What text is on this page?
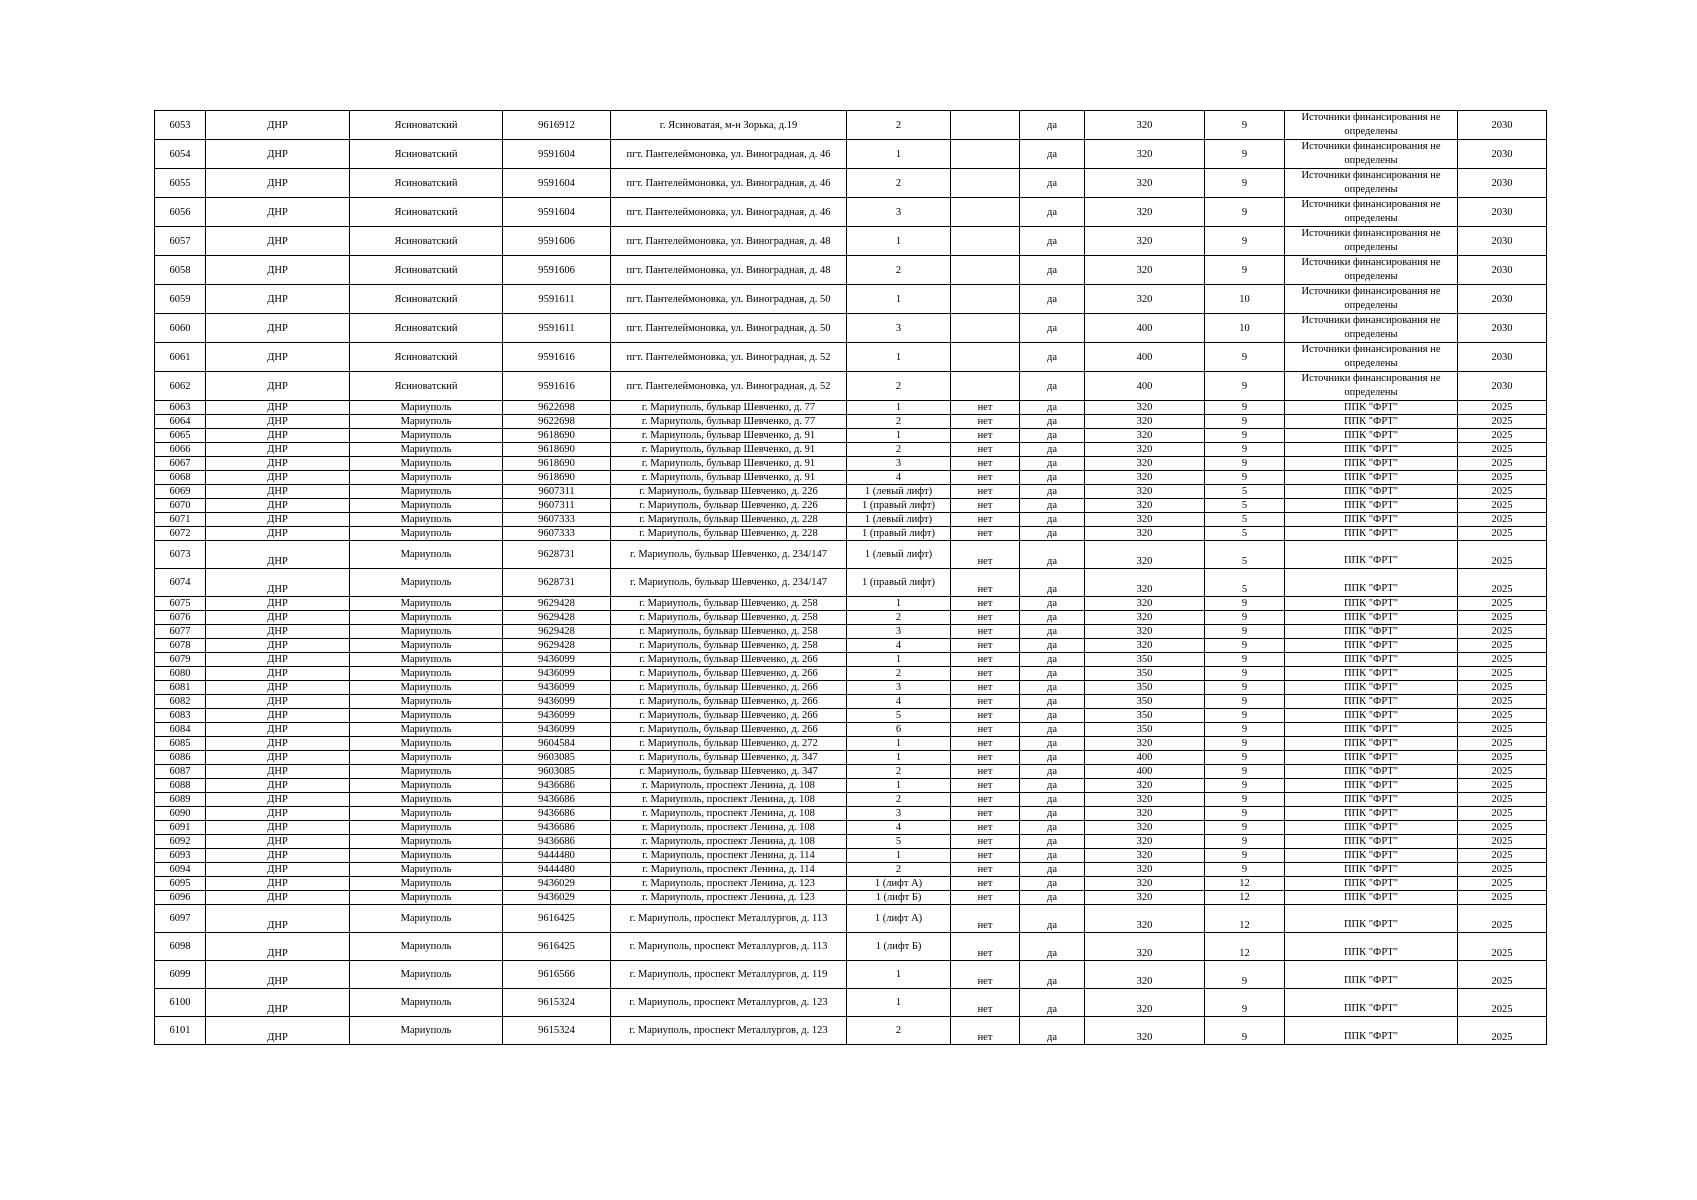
6053	ДНР	Ясиноватский	9616912	г. Ясиноватая, м-н Зорька, д.19	2		да	320	9	Источники финансирования не определены	2030
6054	ДНР	Ясиноватский	9591604	пгт. Пантелеймоновка, ул. Виноградная, д. 46	1		да	320	9	Источники финансирования не определены	2030
6055	ДНР	Ясиноватский	9591604	пгт. Пантелеймоновка, ул. Виноградная, д. 46	2		да	320	9	Источники финансирования не определены	2030
6056	ДНР	Ясиноватский	9591604	пгт. Пантелеймоновка, ул. Виноградная, д. 46	3		да	320	9	Источники финансирования не определены	2030
6057	ДНР	Ясиноватский	9591606	пгт. Пантелеймоновка, ул. Виноградная, д. 48	1		да	320	9	Источники финансирования не определены	2030
6058	ДНР	Ясиноватский	9591606	пгт. Пантелеймоновка, ул. Виноградная, д. 48	2		да	320	9	Источники финансирования не определены	2030
6059	ДНР	Ясиноватский	9591611	пгт. Пантелеймоновка, ул. Виноградная, д. 50	1		да	320	10	Источники финансирования не определены	2030
6060	ДНР	Ясиноватский	9591611	пгт. Пантелеймоновка, ул. Виноградная, д. 50	3		да	400	10	Источники финансирования не определены	2030
6061	ДНР	Ясиноватский	9591616	пгт. Пантелеймоновка, ул. Виноградная, д. 52	1		да	400	9	Источники финансирования не определены	2030
6062	ДНР	Ясиноватский	9591616	пгт. Пантелеймоновка, ул. Виноградная, д. 52	2		да	400	9	Источники финансирования не определены	2030
6063	ДНР	Мариуполь	9622698	г. Мариуполь, бульвар Шевченко, д. 77	1	нет	да	320	9	ППК "ФРТ"	2025
6064	ДНР	Мариуполь	9622698	г. Мариуполь, бульвар Шевченко, д. 77	2	нет	да	320	9	ППК "ФРТ"	2025
6065	ДНР	Мариуполь	9618690	г. Мариуполь, бульвар Шевченко, д. 91	1	нет	да	320	9	ППК "ФРТ"	2025
6066	ДНР	Мариуполь	9618690	г. Мариуполь, бульвар Шевченко, д. 91	2	нет	да	320	9	ППК "ФРТ"	2025
6067	ДНР	Мариуполь	9618690	г. Мариуполь, бульвар Шевченко, д. 91	3	нет	да	320	9	ППК "ФРТ"	2025
6068	ДНР	Мариуполь	9618690	г. Мариуполь, бульвар Шевченко, д. 91	4	нет	да	320	9	ППК "ФРТ"	2025
6069	ДНР	Мариуполь	9607311	г. Мариуполь, бульвар Шевченко, д. 226	1 (левый лифт)	нет	да	320	5	ППК "ФРТ"	2025
6070	ДНР	Мариуполь	9607311	г. Мариуполь, бульвар Шевченко, д. 226	1 (правый лифт)	нет	да	320	5	ППК "ФРТ"	2025
6071	ДНР	Мариуполь	9607333	г. Мариуполь, бульвар Шевченко, д. 228	1 (левый лифт)	нет	да	320	5	ППК "ФРТ"	2025
6072	ДНР	Мариуполь	9607333	г. Мариуполь, бульвар Шевченко, д. 228	1 (правый лифт)	нет	да	320	5	ППК "ФРТ"	2025
6073	ДНР	Мариуполь	9628731	г. Мариуполь, бульвар Шевченко, д. 234/147	1 (левый лифт)	нет	да	320	5	ППК "ФРТ"	2025
6074	ДНР	Мариуполь	9628731	г. Мариуполь, бульвар Шевченко, д. 234/147	1 (правый лифт)	нет	да	320	5	ППК "ФРТ"	2025
6075	ДНР	Мариуполь	9629428	г. Мариуполь, бульвар Шевченко, д. 258	1	нет	да	320	9	ППК "ФРТ"	2025
6076	ДНР	Мариуполь	9629428	г. Мариуполь, бульвар Шевченко, д. 258	2	нет	да	320	9	ППК "ФРТ"	2025
6077	ДНР	Мариуполь	9629428	г. Мариуполь, бульвар Шевченко, д. 258	3	нет	да	320	9	ППК "ФРТ"	2025
6078	ДНР	Мариуполь	9629428	г. Мариуполь, бульвар Шевченко, д. 258	4	нет	да	320	9	ППК "ФРТ"	2025
6079	ДНР	Мариуполь	9436099	г. Мариуполь, бульвар Шевченко, д. 266	1	нет	да	350	9	ППК "ФРТ"	2025
6080	ДНР	Мариуполь	9436099	г. Мариуполь, бульвар Шевченко, д. 266	2	нет	да	350	9	ППК "ФРТ"	2025
6081	ДНР	Мариуполь	9436099	г. Мариуполь, бульвар Шевченко, д. 266	3	нет	да	350	9	ППК "ФРТ"	2025
6082	ДНР	Мариуполь	9436099	г. Мариуполь, бульвар Шевченко, д. 266	4	нет	да	350	9	ППК "ФРТ"	2025
6083	ДНР	Мариуполь	9436099	г. Мариуполь, бульвар Шевченко, д. 266	5	нет	да	350	9	ППК "ФРТ"	2025
6084	ДНР	Мариуполь	9436099	г. Мариуполь, бульвар Шевченко, д. 266	6	нет	да	350	9	ППК "ФРТ"	2025
6085	ДНР	Мариуполь	9604584	г. Мариуполь, бульвар Шевченко, д. 272	1	нет	да	320	9	ППК "ФРТ"	2025
6086	ДНР	Мариуполь	9603085	г. Мариуполь, бульвар Шевченко, д. 347	1	нет	да	400	9	ППК "ФРТ"	2025
6087	ДНР	Мариуполь	9603085	г. Мариуполь, бульвар Шевченко, д. 347	2	нет	да	400	9	ППК "ФРТ"	2025
6088	ДНР	Мариуполь	9436686	г. Мариуполь, проспект Ленина, д. 108	1	нет	да	320	9	ППК "ФРТ"	2025
6089	ДНР	Мариуполь	9436686	г. Мариуполь, проспект Ленина, д. 108	2	нет	да	320	9	ППК "ФРТ"	2025
6090	ДНР	Мариуполь	9436686	г. Мариуполь, проспект Ленина, д. 108	3	нет	да	320	9	ППК "ФРТ"	2025
6091	ДНР	Мариуполь	9436686	г. Мариуполь, проспект Ленина, д. 108	4	нет	да	320	9	ППК "ФРТ"	2025
6092	ДНР	Мариуполь	9436686	г. Мариуполь, проспект Ленина, д. 108	5	нет	да	320	9	ППК "ФРТ"	2025
6093	ДНР	Мариуполь	9444480	г. Мариуполь, проспект Ленина, д. 114	1	нет	да	320	9	ППК "ФРТ"	2025
6094	ДНР	Мариуполь	9444480	г. Мариуполь, проспект Ленина, д. 114	2	нет	да	320	9	ППК "ФРТ"	2025
6095	ДНР	Мариуполь	9436029	г. Мариуполь, проспект Ленина, д. 123	1 (лифт А)	нет	да	320	12	ППК "ФРТ"	2025
6096	ДНР	Мариуполь	9436029	г. Мариуполь, проспект Ленина, д. 123	1 (лифт Б)	нет	да	320	12	ППК "ФРТ"	2025
6097	ДНР	Мариуполь	9616425	г. Мариуполь, проспект Металлургов, д. 113	1 (лифт А)	нет	да	320	12	ППК "ФРТ"	2025
6098	ДНР	Мариуполь	9616425	г. Мариуполь, проспект Металлургов, д. 113	1 (лифт Б)	нет	да	320	12	ППК "ФРТ"	2025
6099	ДНР	Мариуполь	9616566	г. Мариуполь, проспект Металлургов, д. 119	1	нет	да	320	9	ППК "ФРТ"	2025
6100	ДНР	Мариуполь	9615324	г. Мариуполь, проспект Металлургов, д. 123	1	нет	да	320	9	ППК "ФРТ"	2025
6101	ДНР	Мариуполь	9615324	г. Мариуполь, проспект Металлургов, д. 123	2	нет	да	320	9	ППК "ФРТ"	2025
